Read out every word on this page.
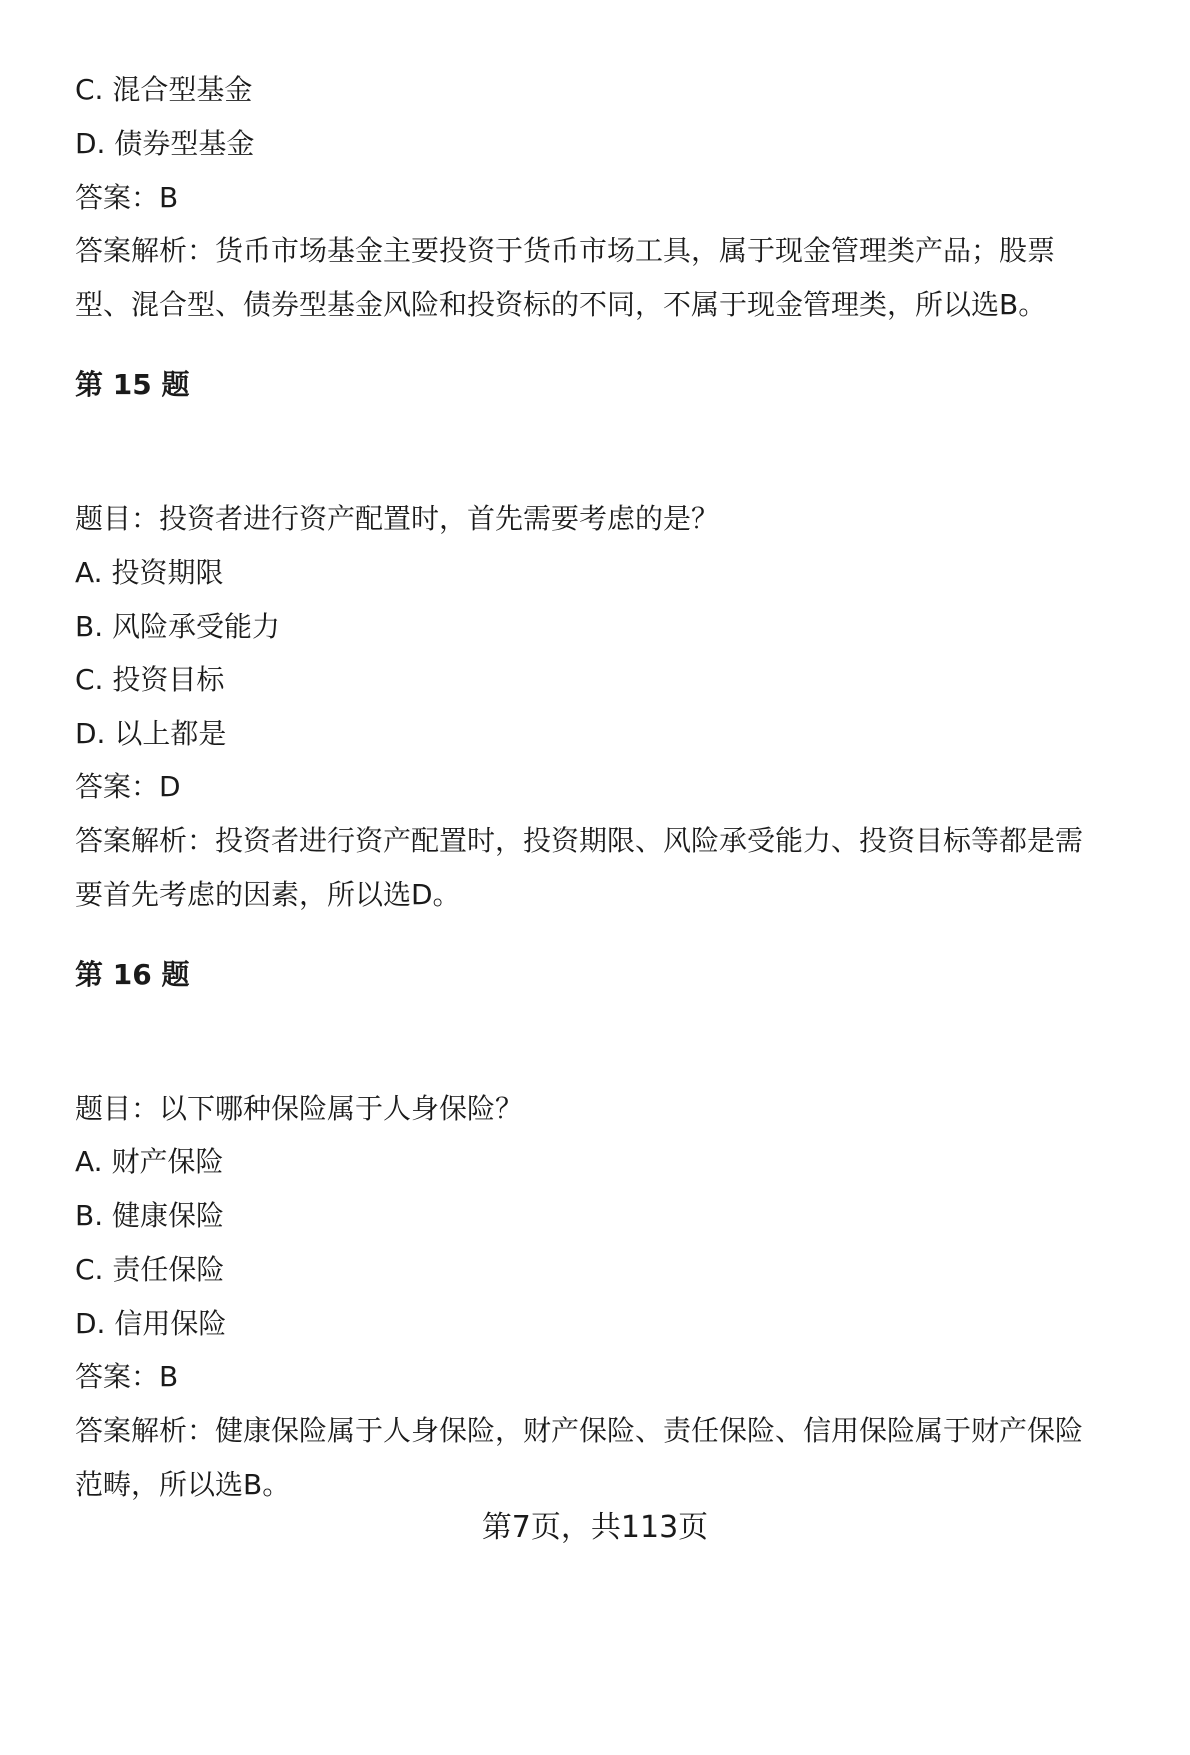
C. 混合型基金
D. 债券型基金
答案：B
答案解析：货币市场基金主要投资于货币市场工具，属于现金管理类产品；股票
型、混合型、债券型基金风险和投资标的不同，不属于现金管理类，所以选B。
第 15 题
题目：投资者进行资产配置时，首先需要考虑的是？
A. 投资期限
B. 风险承受能力
C. 投资目标
D. 以上都是
答案：D
答案解析：投资者进行资产配置时，投资期限、风险承受能力、投资目标等都是需
要首先考虑的因素，所以选D。
第 16 题
题目：以下哪种保险属于人身保险？
A. 财产保险
B. 健康保险
C. 责任保险
D. 信用保险
答案：B
答案解析：健康保险属于人身保险，财产保险、责任保险、信用保险属于财产保险
范畴，所以选B。
第7页，共113页
